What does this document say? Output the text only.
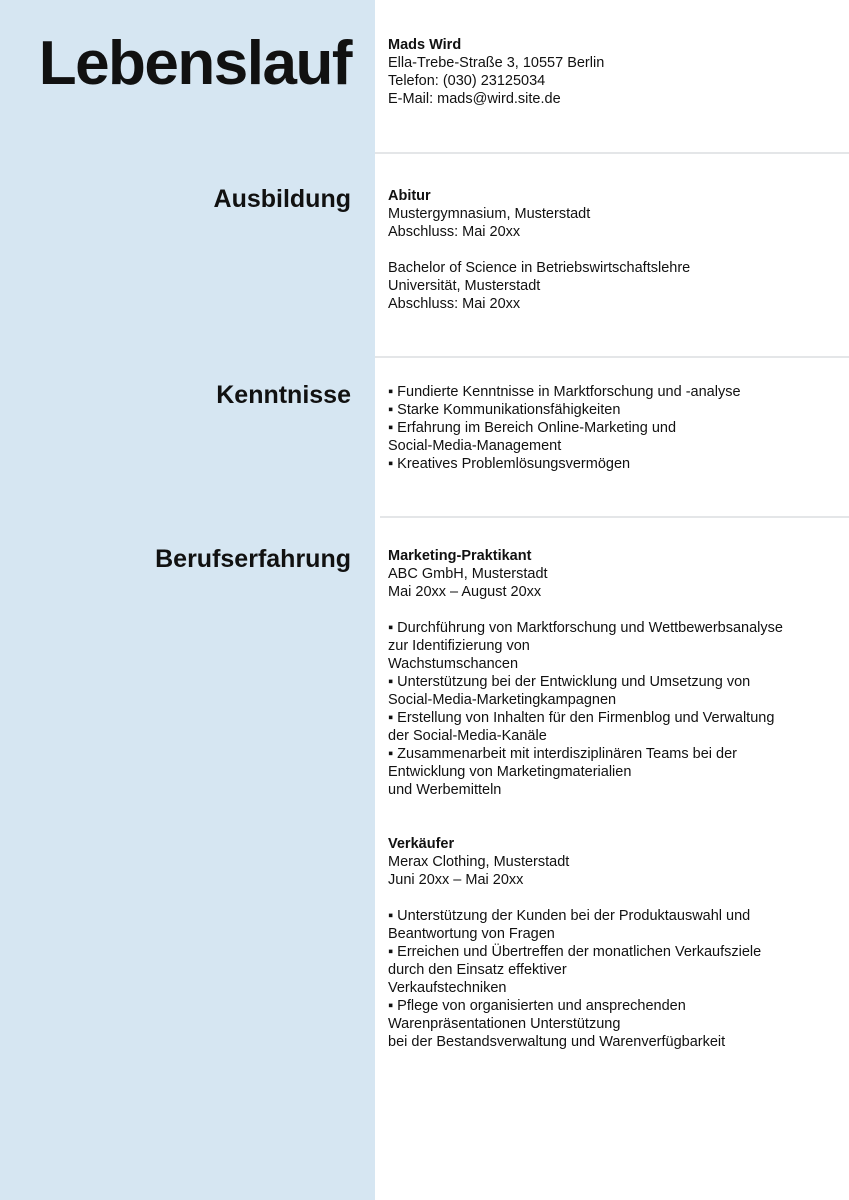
Lebenslauf
Ausbildung
Kenntnisse
Berufserfahrung
Mads Wird
Ella-Trebe-Straße 3, 10557 Berlin
Telefon: (030) 23125034
E-Mail: mads@wird.site.de
Abitur
Mustergymnasium, Musterstadt
Abschluss: Mai 20xx
Bachelor of Science in Betriebswirtschaftslehre
Universität, Musterstadt
Abschluss: Mai 20xx
▪ Fundierte Kenntnisse in Marktforschung und -analyse
▪ Starke Kommunikationsfähigkeiten
▪ Erfahrung im Bereich Online-Marketing und
Social-Media-Management
▪ Kreatives Problemlösungsvermögen
Marketing-Praktikant
ABC GmbH, Musterstadt
Mai 20xx – August 20xx
▪ Durchführung von Marktforschung und Wettbewerbsanalyse
zur Identifizierung von
Wachstumschancen
▪ Unterstützung bei der Entwicklung und Umsetzung von
Social-Media-Marketingkampagnen
▪ Erstellung von Inhalten für den Firmenblog und Verwaltung
der Social-Media-Kanäle
▪ Zusammenarbeit mit interdisziplinären Teams bei der
Entwicklung von Marketingmaterialien
und Werbemitteln
Verkäufer
Merax Clothing, Musterstadt
Juni 20xx – Mai 20xx
▪ Unterstützung der Kunden bei der Produktauswahl und
Beantwortung von Fragen
▪ Erreichen und Übertreffen der monatlichen Verkaufsziele
durch den Einsatz effektiver
Verkaufstechniken
▪ Pflege von organisierten und ansprechenden
Warenpräsentationen Unterstützung
bei der Bestandsverwaltung und Warenverfügbarkeit
